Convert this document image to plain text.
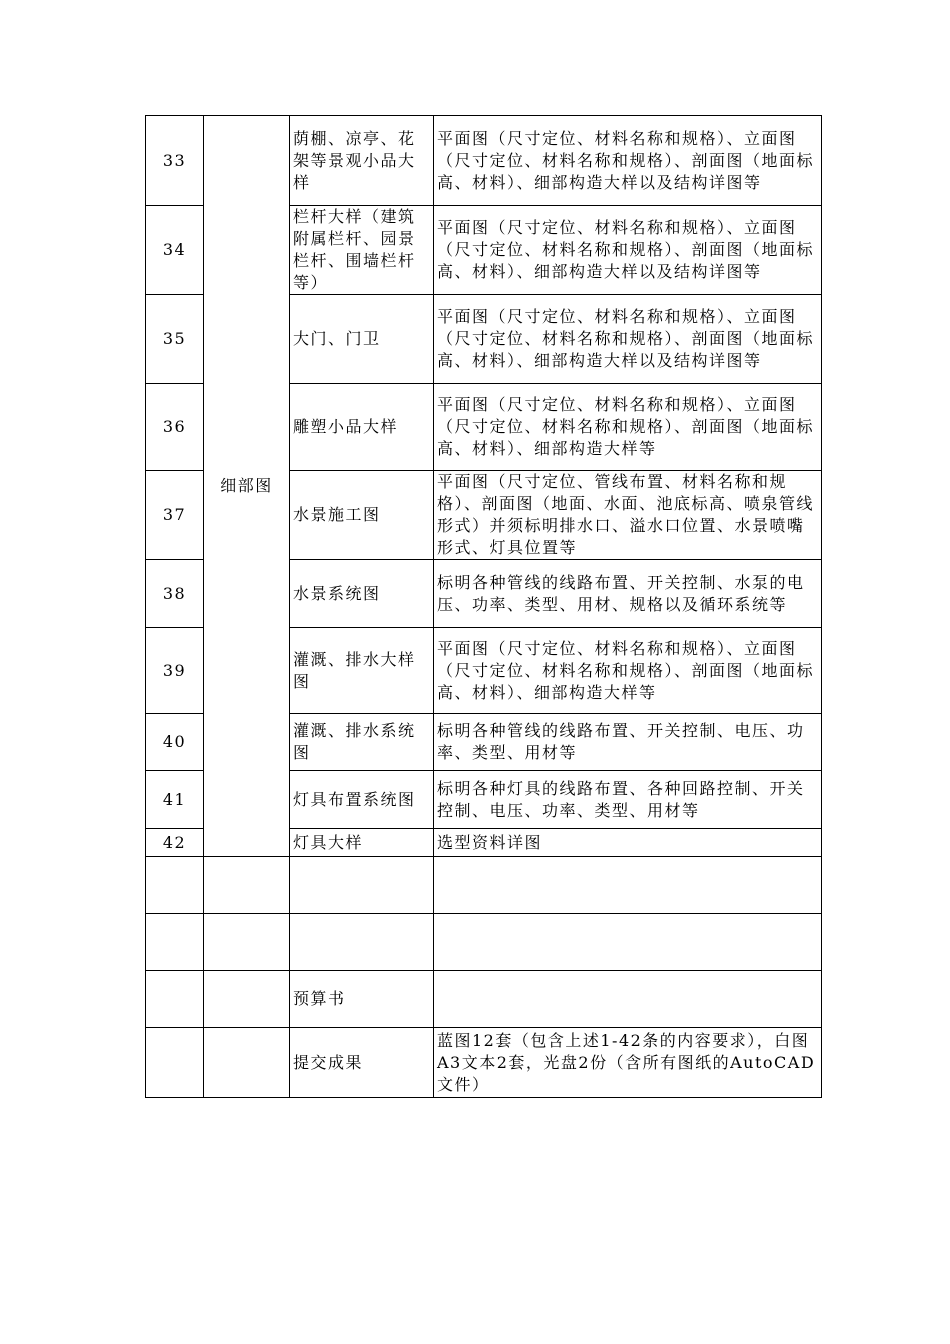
33	细部图	荫棚、凉亭、花架等景观小品大样	平面图（尺寸定位、材料名称和规格）、立面图（尺寸定位、材料名称和规格）、剖面图（地面标高、材料）、细部构造大样以及结构详图等
34		栏杆大样（建筑附属栏杆、园景栏杆、围墙栏杆等）	平面图（尺寸定位、材料名称和规格）、立面图（尺寸定位、材料名称和规格）、剖面图（地面标高、材料）、细部构造大样以及结构详图等
35		大门、门卫	平面图（尺寸定位、材料名称和规格）、立面图（尺寸定位、材料名称和规格）、剖面图（地面标高、材料）、细部构造大样以及结构详图等
36		雕塑小品大样	平面图（尺寸定位、材料名称和规格）、立面图（尺寸定位、材料名称和规格）、剖面图（地面标高、材料）、细部构造大样等
37		水景施工图	平面图（尺寸定位、管线布置、材料名称和规格）、剖面图（地面、水面、池底标高、喷泉管线形式）并须标明排水口、溢水口位置、水景喷嘴形式、灯具位置等
38		水景系统图	标明各种管线的线路布置、开关控制、水泵的电压、功率、类型、用材、规格以及循环系统等
39		灌溉、排水大样图	平面图（尺寸定位、材料名称和规格）、立面图（尺寸定位、材料名称和规格）、剖面图（地面标高、材料）、细部构造大样等
40		灌溉、排水系统图	标明各种管线的线路布置、开关控制、电压、功率、类型、用材等
41		灯具布置系统图	标明各种灯具的线路布置、各种回路控制、开关控制、电压、功率、类型、用材等
42		灯具大样	选型资料详图

		预算书	
		提交成果	蓝图12套（包含上述1-42条的内容要求），白图A3文本2套，光盘2份（含所有图纸的AutoCAD文件）
